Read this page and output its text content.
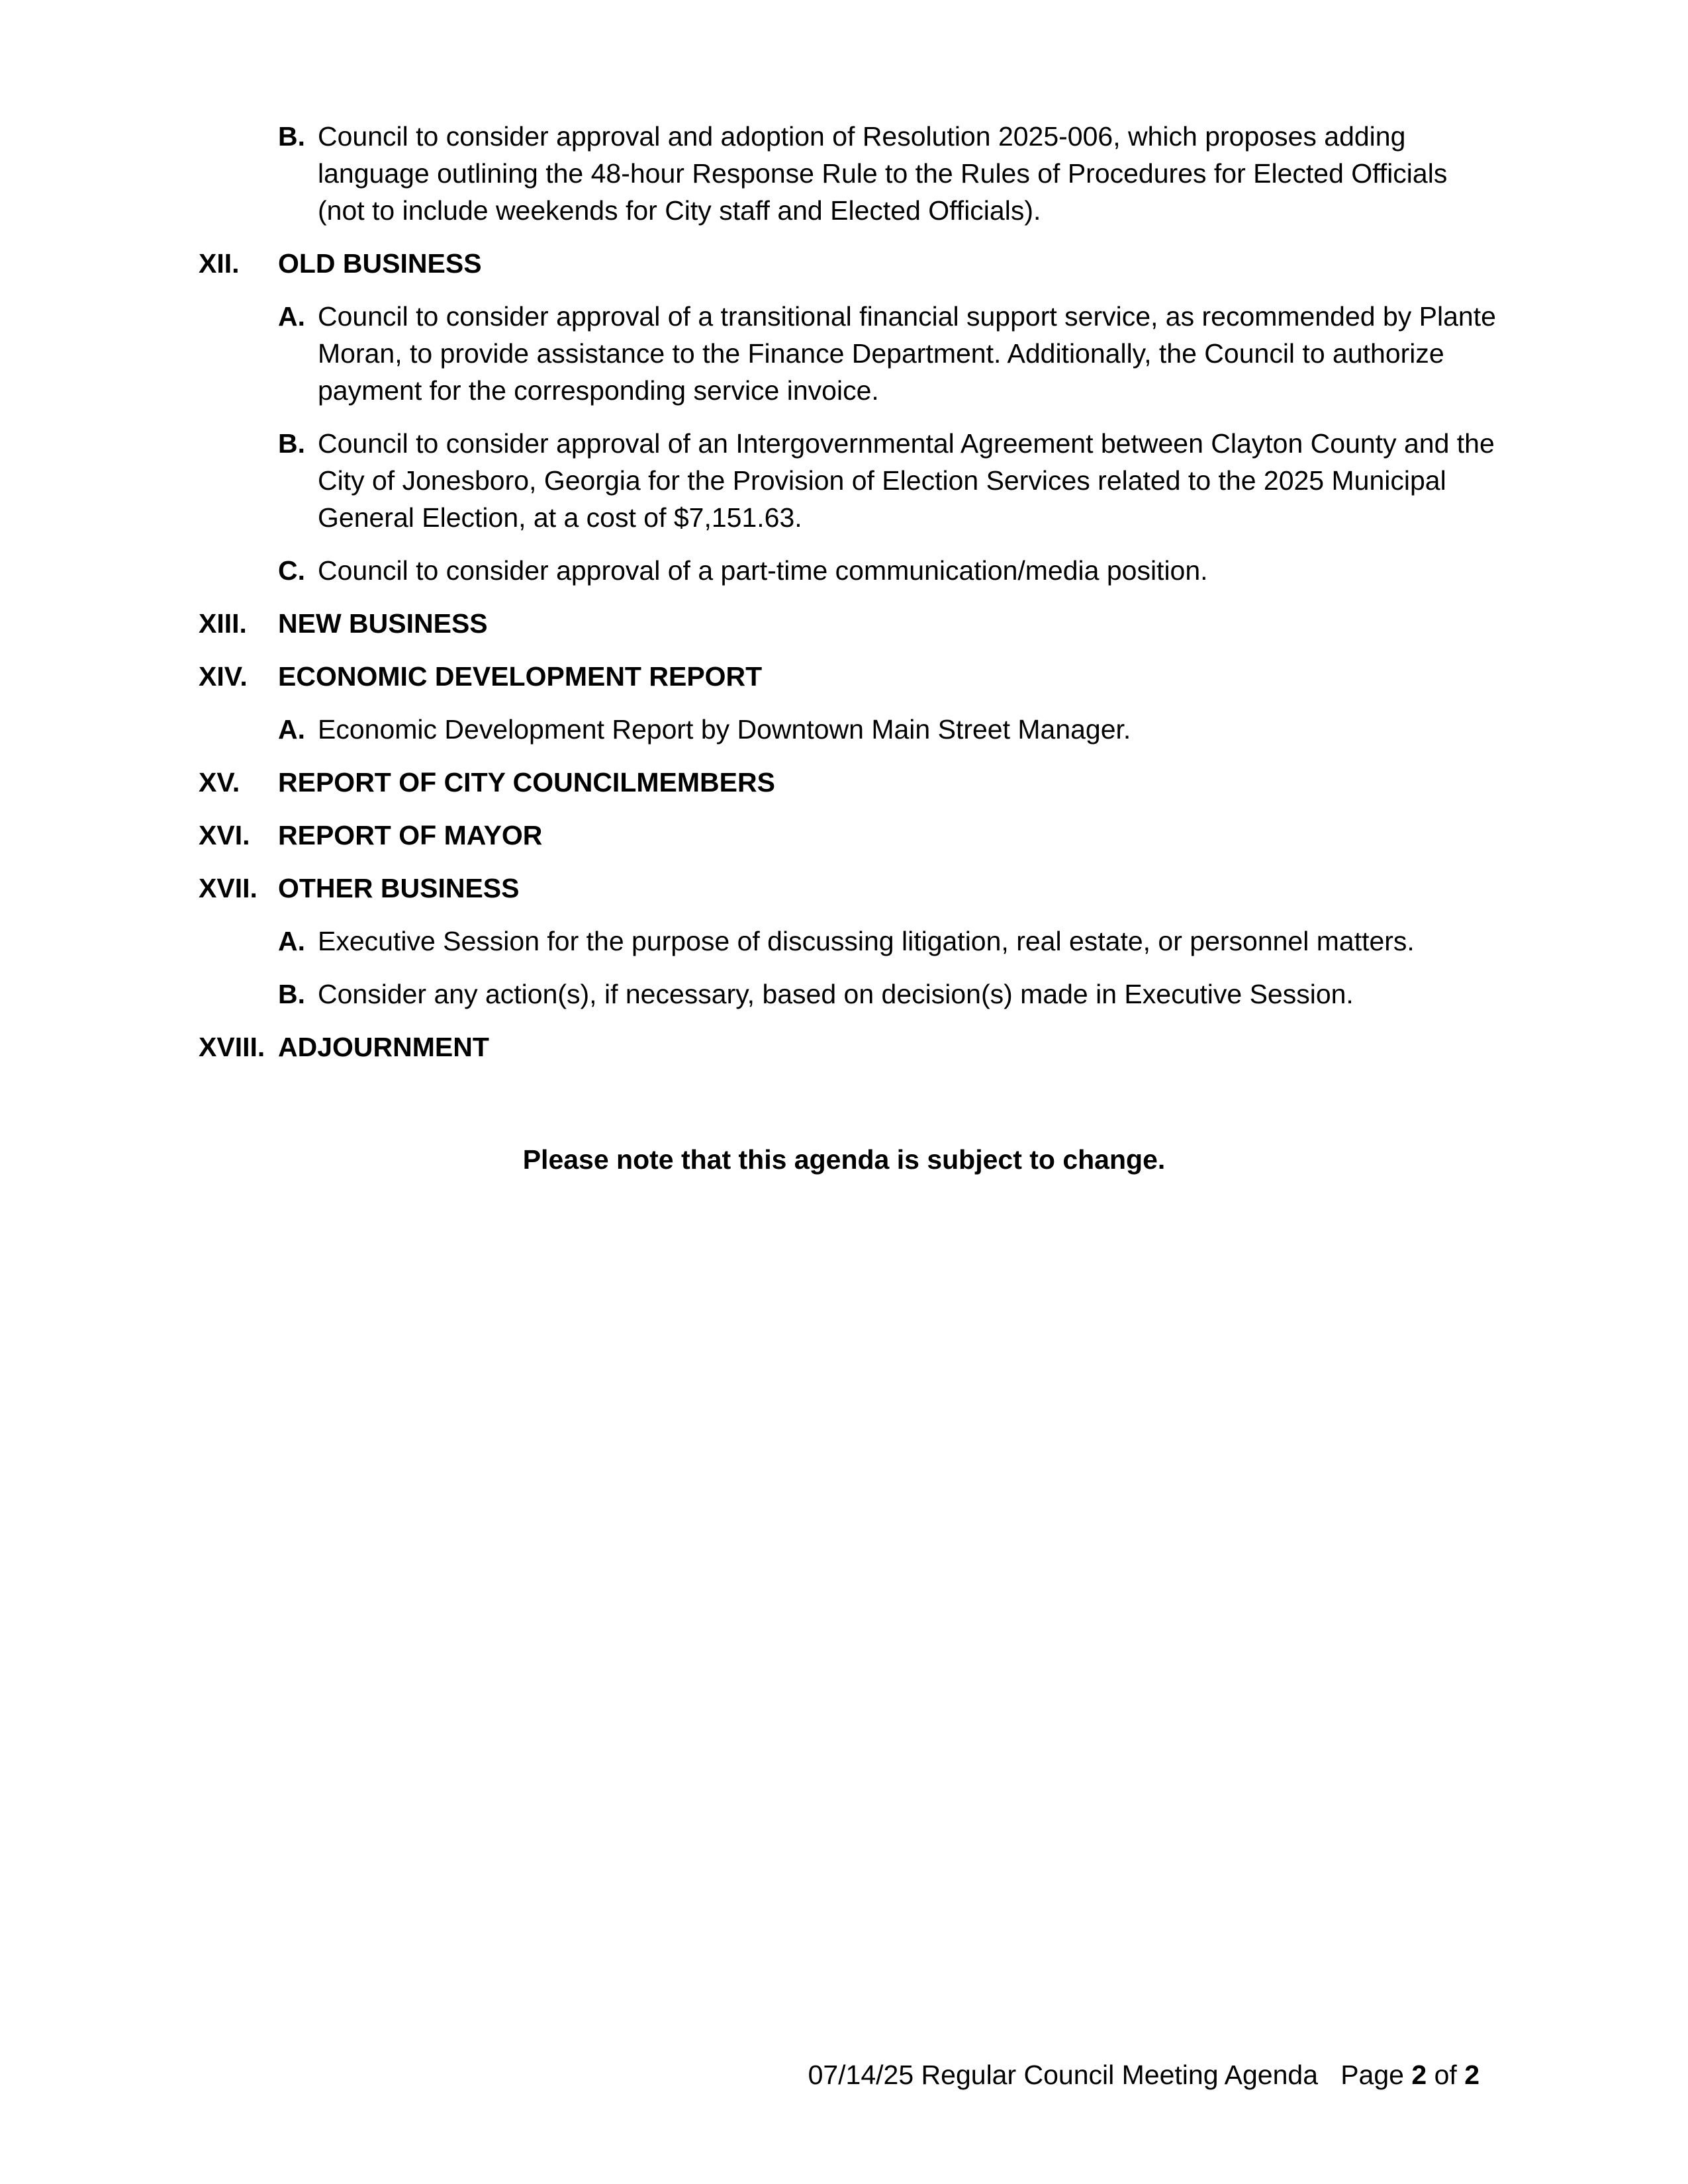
B. Council to consider approval and adoption of Resolution 2025-006, which proposes adding language outlining the 48-hour Response Rule to the Rules of Procedures for Elected Officials (not to include weekends for City staff and Elected Officials).
XII. OLD BUSINESS
A. Council to consider approval of a transitional financial support service, as recommended by Plante Moran, to provide assistance to the Finance Department. Additionally, the Council to authorize payment for the corresponding service invoice.
B. Council to consider approval of an Intergovernmental Agreement between Clayton County and the City of Jonesboro, Georgia for the Provision of Election Services related to the 2025 Municipal General Election, at a cost of $7,151.63.
C. Council to consider approval of a part-time communication/media position.
XIII. NEW BUSINESS
XIV. ECONOMIC DEVELOPMENT REPORT
A. Economic Development Report by Downtown Main Street Manager.
XV. REPORT OF CITY COUNCILMEMBERS
XVI. REPORT OF MAYOR
XVII. OTHER BUSINESS
A. Executive Session for the purpose of discussing litigation, real estate, or personnel matters.
B. Consider any action(s), if necessary, based on decision(s) made in Executive Session.
XVIII. ADJOURNMENT
Please note that this agenda is subject to change.
07/14/25 Regular Council Meeting Agenda Page 2 of 2
